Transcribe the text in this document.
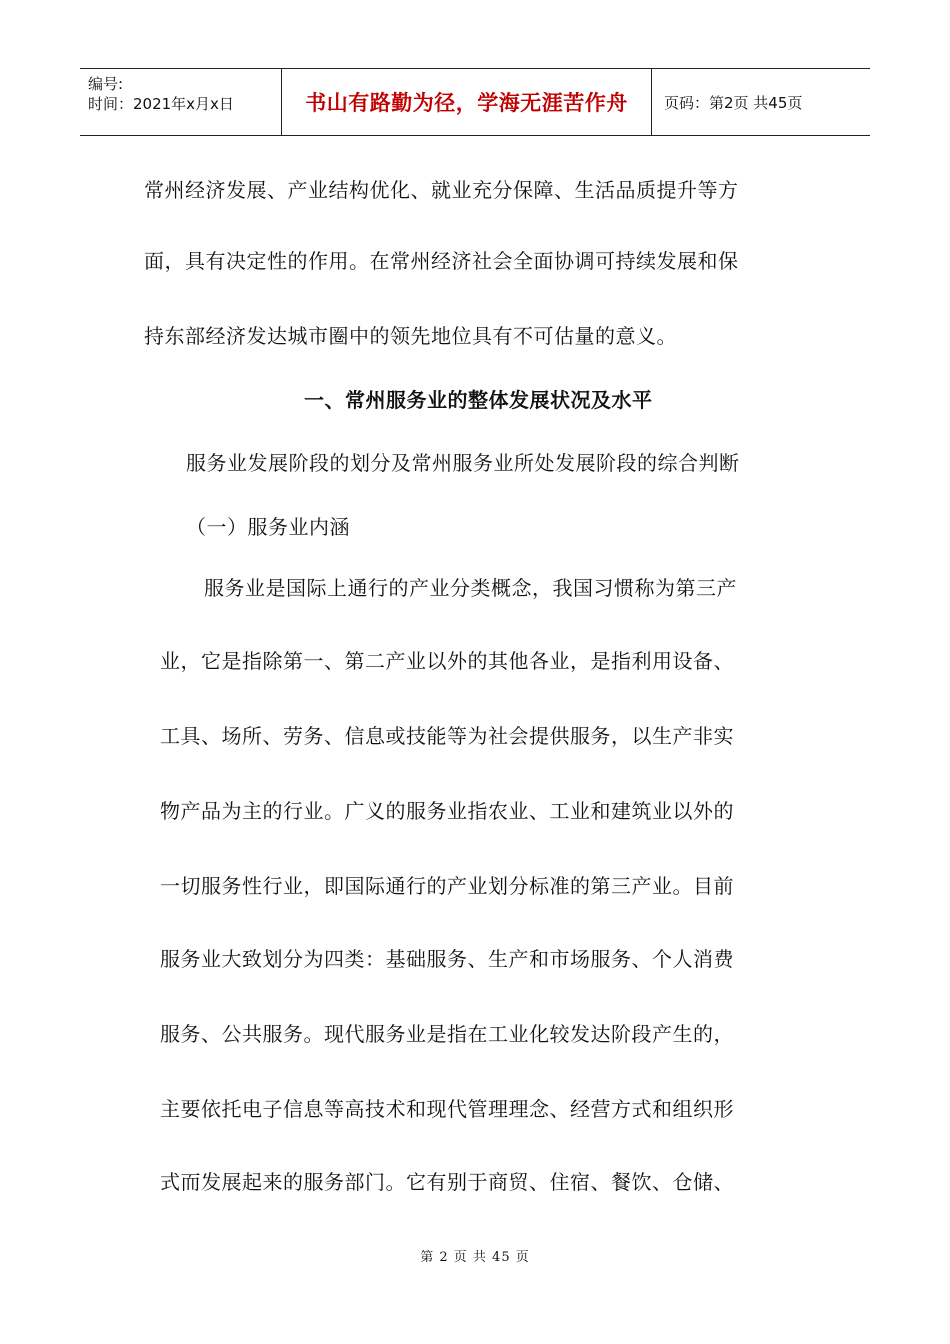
编号:
时间：2021年x月x日	书山有路勤为径，学海无涯苦作舟 页码：第2页 共45页
常州经济发展、产业结构优化、就业充分保障、生活品质提升等方
面，具有决定性的作用。在常州经济社会全面协调可持续发展和保
持东部经济发达城市圈中的领先地位具有不可估量的意义。
一、常州服务业的整体发展状况及水平
服务业发展阶段的划分及常州服务业所处发展阶段的综合判断
（一）服务业内涵
服务业是国际上通行的产业分类概念，我国习惯称为第三产
业，它是指除第一、第二产业以外的其他各业，是指利用设备、
工具、场所、劳务、信息或技能等为社会提供服务，以生产非实
物产品为主的行业。广义的服务业指农业、工业和建筑业以外的
一切服务性行业，即国际通行的产业划分标准的第三产业。目前
服务业大致划分为四类：基础服务、生产和市场服务、个人消费
服务、公共服务。现代服务业是指在工业化较发达阶段产生的，
主要依托电子信息等高技术和现代管理理念、经营方式和组织形
式而发展起来的服务部门。它有别于商贸、住宿、餐饮、仓储、
第 2 页 共 45 页
